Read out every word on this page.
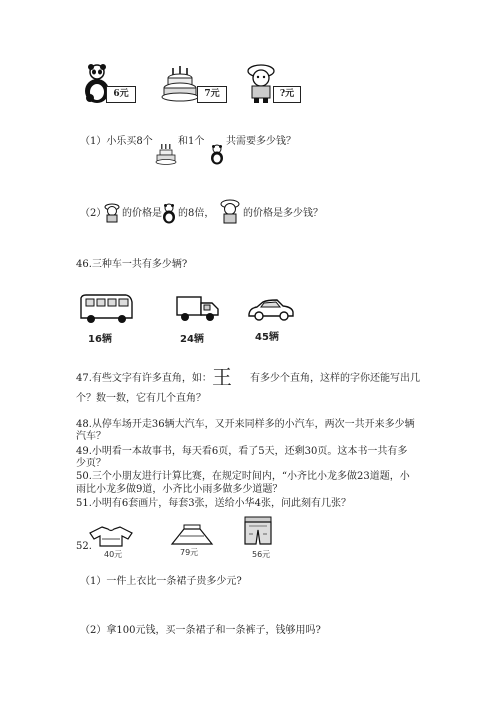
6元	7元	?元
（1）小乐买8个	和1个 共需要多少钱？
（2） 的价格是 的8倍，	的价格是多少钱？
46.三种车一共有多少辆?
16辆	24辆	45辆
47.有些文字有许多直角，如： 王	有多少个直角，这样的字你还能写出几
个？数一数，它有几个直角？
48.从停车场开走36辆大汽车，又开来同样多的小汽车，两次一共开来多少辆
汽车？
49.小明看一本故事书，每天看6页，看了5天，还剩30页。这本书一共有多
少页？
50.三个小朋友进行计算比赛，在规定时间内，“小齐比小龙多做23道题，小
雨比小龙多做9道，小齐比小雨多做多少道题？
51.小明有6套画片，每套3张，送给小华4张，问此刻有几张？
52.
40元	79元	56元
（1）一件上衣比一条裙子贵多少元?
（2）拿100元钱，买一条裙子和一条裤子，钱够用吗?
